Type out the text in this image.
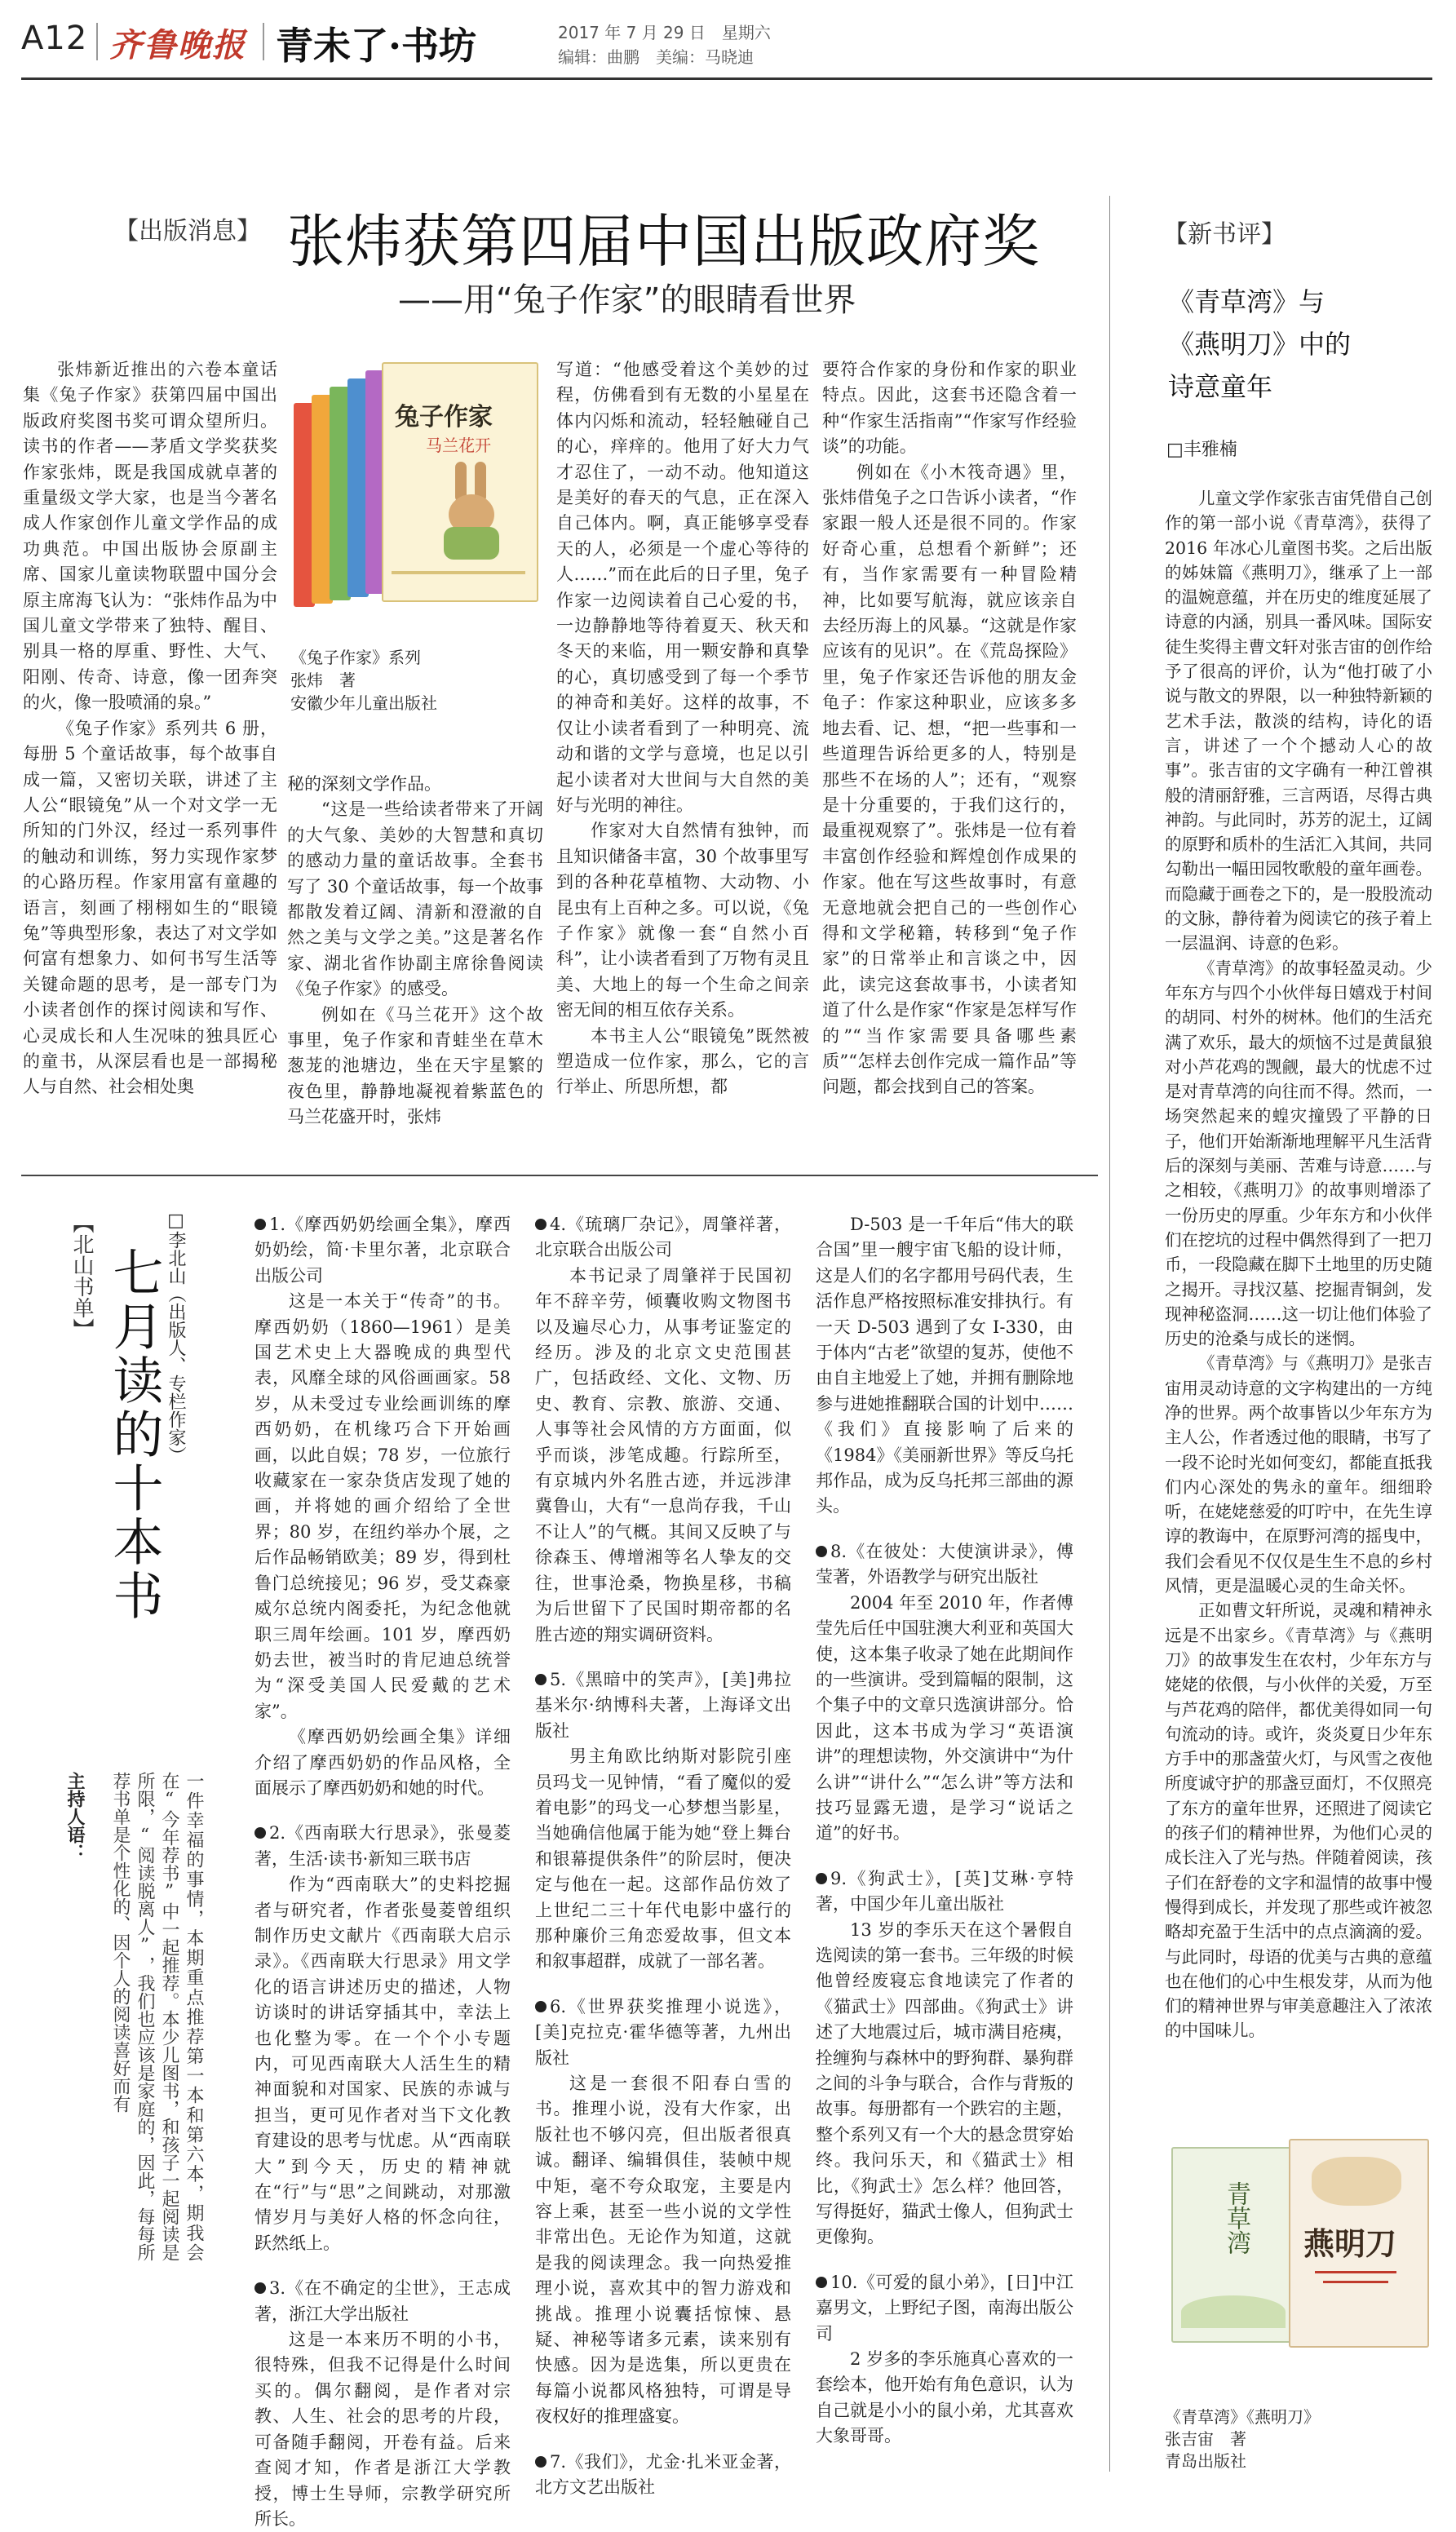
A12 齐鲁晚报 青未了·书坊	2017 年 7 月 29 日　星期六
编辑：曲鹏　美编：马晓迪
【出版消息】 张炜获第四届中国出版政府奖
——用“兔子作家”的眼睛看世界

张炜新近推出的六卷本童话集《兔子作家》获第四届中国出版政府奖图书奖可谓众望所归。读书的作者——茅盾文学奖获奖作家张炜，既是我国成就卓著的重量级文学大家，也是当今著名成人作家创作儿童文学作品的成功典范。中国出版协会原副主席、国家儿童读物联盟中国分会原主席海飞认为：“张炜作品为中国儿童文学带来了独特、醒目、别具一格的厚重、野性、大气、阳刚、传奇、诗意，像一团奔突的火，像一股喷涌的泉。”

《兔子作家》系列共 6 册，每册 5 个童话故事，每个故事自成一篇，又密切关联，讲述了主人公“眼镜兔”从一个对文学一无所知的门外汉，经过一系列事件的触动和训练，努力实现作家梦的心路历程。作家用富有童趣的语言，刻画了栩栩如生的“眼镜兔”等典型形象，表达了对文学如何富有想象力、如何书写生活等关键命题的思考，是一部专门为小读者创作的探讨阅读和写作、心灵成长和人生况味的独具匠心的童书，从深层看也是一部揭秘人与自然、社会相处奥

兔子作家
马兰花开
《兔子作家》系列
张炜　著
安徽少年儿童出版社

秘的深刻文学作品。

“这是一些给读者带来了开阔的大气象、美妙的大智慧和真切的感动力量的童话故事。全套书写了 30 个童话故事，每一个故事都散发着辽阔、清新和澄澈的自然之美与文学之美。”这是著名作家、湖北省作协副主席徐鲁阅读《兔子作家》的感受。

例如在《马兰花开》这个故事里，兔子作家和青蛙坐在草木葱茏的池塘边，坐在天宇星繁的夜色里，静静地凝视着紫蓝色的马兰花盛开时，张炜

写道：“他感受着这个美妙的过程，仿佛看到有无数的小星星在体内闪烁和流动，轻轻触碰自己的心，痒痒的。他用了好大力气才忍住了，一动不动。他知道这是美好的春天的气息，正在深入自己体内。啊，真正能够享受春天的人，必须是一个虚心等待的人……”而在此后的日子里，兔子作家一边阅读着自己心爱的书，一边静静地等待着夏天、秋天和冬天的来临，用一颗安静和真挚的心，真切感受到了每一个季节的神奇和美好。这样的故事，不仅让小读者看到了一种明亮、流动和谐的文学与意境，也足以引起小读者对大世间与大自然的美好与光明的神往。

作家对大自然情有独钟，而且知识储备丰富，30 个故事里写到的各种花草植物、大动物、小昆虫有上百种之多。可以说，《兔子作家》就像一套“自然小百科”，让小读者看到了万物有灵且美、大地上的每一个生命之间亲密无间的相互依存关系。

本书主人公“眼镜兔”既然被塑造成一位作家，那么，它的言行举止、所思所想，都

要符合作家的身份和作家的职业特点。因此，这套书还隐含着一种“作家生活指南”“作家写作经验谈”的功能。

例如在《小木筏奇遇》里，张炜借兔子之口告诉小读者，“作家跟一般人还是很不同的。作家好奇心重，总想看个新鲜”；还有，当作家需要有一种冒险精神，比如要写航海，就应该亲自去经历海上的风暴。“这就是作家应该有的见识”。在《荒岛探险》里，兔子作家还告诉他的朋友金龟子：作家这种职业，应该多多地去看、记、想，“把一些事和一些道理告诉给更多的人，特别是那些不在场的人”；还有，“观察是十分重要的，于我们这行的，最重视观察了”。张炜是一位有着丰富创作经验和辉煌创作成果的作家。他在写这些故事时，有意无意地就会把自己的一些创作心得和文学秘籍，转移到“兔子作家”的日常举止和言谈之中，因此，读完这套故事书，小读者知道了什么是作家“作家是怎样写作的”“当作家需要具备哪些素质”“怎样去创作完成一篇作品”等问题，都会找到自己的答案。

【新书评】
《青草湾》与
《燕明刀》中的
诗意童年
□丰雅楠

儿童文学作家张吉宙凭借自己创作的第一部小说《青草湾》，获得了 2016 年冰心儿童图书奖。之后出版的姊妹篇《燕明刀》，继承了上一部的温婉意蕴，并在历史的维度延展了诗意的内涵，别具一番风味。国际安徒生奖得主曹文轩对张吉宙的创作给予了很高的评价，认为“他打破了小说与散文的界限，以一种独特新颖的艺术手法，散淡的结构，诗化的语言，讲述了一个个撼动人心的故事”。张吉宙的文字确有一种江曾祺般的清丽舒雅，三言两语，尽得古典神韵。与此同时，苏芳的泥土，辽阔的原野和质朴的生活汇入其间，共同勾勒出一幅田园牧歌般的童年画卷。而隐藏于画卷之下的，是一股股流动的文脉，静待着为阅读它的孩子着上一层温润、诗意的色彩。

《青草湾》的故事轻盈灵动。少年东方与四个小伙伴每日嬉戏于村间的胡同、村外的树林。他们的生活充满了欢乐，最大的烦恼不过是黄鼠狼对小芦花鸡的觊觎，最大的忧虑不过是对青草湾的向往而不得。然而，一场突然起来的蝗灾撞毁了平静的日子，他们开始渐渐地理解平凡生活背后的深刻与美丽、苦难与诗意……与之相较，《燕明刀》的故事则增添了一份历史的厚重。少年东方和小伙伴们在挖坑的过程中偶然得到了一把刀币，一段隐藏在脚下土地里的历史随之揭开。寻找汉墓、挖掘青铜剑，发现神秘盗洞……这一切让他们体验了历史的沧桑与成长的迷惘。

《青草湾》与《燕明刀》是张吉宙用灵动诗意的文字构建出的一方纯净的世界。两个故事皆以少年东方为主人公，作者透过他的眼睛，书写了一段不论时光如何变幻，都能直抵我们内心深处的隽永的童年。细细聆听，在姥姥慈爱的叮咛中，在先生谆谆的教诲中，在原野河湾的摇曳中，我们会看见不仅仅是生生不息的乡村风情，更是温暖心灵的生命关怀。

正如曹文轩所说，灵魂和精神永远是不出家乡。《青草湾》与《燕明刀》的故事发生在农村，少年东方与姥姥的依偎，与小伙伴的关爱，万至与芦花鸡的陪伴，都优美得如同一句句流动的诗。或许，炎炎夏日少年东方手中的那盏萤火灯，与风雪之夜他所度诚守护的那盏豆面灯，不仅照亮了东方的童年世界，还照进了阅读它的孩子们的精神世界，为他们心灵的成长注入了光与热。伴随着阅读，孩子们在舒卷的文字和温情的故事中慢慢得到成长，并发现了那些或许被忽略却充盈于生活中的点点滴滴的爱。与此同时，母语的优美与古典的意蕴也在他们的心中生根发芽，从而为他们的精神世界与审美意趣注入了浓浓的中国味儿。

青草湾 燕明刀
《青草湾》《燕明刀》
张吉宙　著
青岛出版社
【北山书单】 七月读的十本书 □李北山（出版人、专栏作家）
主持人语：	一件幸福的事情，本期重点推荐第一本和第六本，期我会在“今年荐书”中一起推荐。本少儿图书，和孩子一起阅读是所限，“阅读脱离人”，我们也应该是家庭的，因此，每每所荐书单是个性化的、因个人的阅读喜好而有

1.《摩西奶奶绘画全集》，摩西奶奶绘，简·卡里尔著，北京联合出版公司

这是一本关于“传奇”的书。摩西奶奶（1860—1961）是美国艺术史上大器晚成的典型代表，风靡全球的风俗画画家。58 岁，从未受过专业绘画训练的摩西奶奶，在机缘巧合下开始画画，以此自娱；78 岁，一位旅行收藏家在一家杂货店发现了她的画，并将她的画介绍给了全世界；80 岁，在纽约举办个展，之后作品畅销欧美；89 岁，得到杜鲁门总统接见；96 岁，受艾森豪威尔总统内阁委托，为纪念他就职三周年绘画。101 岁，摩西奶奶去世，被当时的肯尼迪总统誉为“深受美国人民爱戴的艺术家”。

《摩西奶奶绘画全集》详细介绍了摩西奶奶的作品风格，全面展示了摩西奶奶和她的时代。

2.《西南联大行思录》，张曼菱著，生活·读书·新知三联书店

作为“西南联大”的史料挖掘者与研究者，作者张曼菱曾组织制作历史文献片《西南联大启示录》。《西南联大行思录》用文学化的语言讲述历史的描述，人物访谈时的讲话穿插其中，幸法上也化整为零。在一个个小专题内，可见西南联大人活生生的精神面貌和对国家、民族的赤诚与担当，更可见作者对当下文化教育建设的思考与忧虑。从“西南联大”到今天，历史的精神就在“行”与“思”之间跳动，对那激情岁月与美好人格的怀念向往，跃然纸上。

3.《在不确定的尘世》，王志成著，浙江大学出版社

这是一本来历不明的小书，很特殊，但我不记得是什么时间买的。偶尔翻阅，是作者对宗教、人生、社会的思考的片段，可备随手翻阅，开卷有益。后来查阅才知，作者是浙江大学教授，博士生导师，宗教学研究所所长。

4.《琉璃厂杂记》，周肇祥著，北京联合出版公司

本书记录了周肇祥于民国初年不辞辛劳，倾囊收购文物图书以及遍尽心力，从事考证鉴定的经历。涉及的北京文史范围甚广，包括政经、文化、文物、历史、教育、宗教、旅游、交通、人事等社会风情的方方面面，似乎而谈，涉笔成趣。行踪所至，有京城内外名胜古迹，并远涉津冀鲁山，大有“一息尚存我，千山不让人”的气概。其间又反映了与徐森玉、傅增湘等名人挚友的交往，世事沧桑，物换星移，书稿为后世留下了民国时期帝都的名胜古迹的翔实调研资料。

5.《黑暗中的笑声》，[美]弗拉基米尔·纳博科夫著，上海译文出版社

男主角欧比纳斯对影院引座员玛戈一见钟情，“看了魔似的爱着电影”的玛戈一心梦想当影星，当她确信他属于能为她“登上舞台和银幕提供条件”的阶层时，便决定与他在一起。这部作品仿效了上世纪二三十年代电影中盛行的那种廉价三角恋爱故事，但文本和叙事超群，成就了一部名著。

6.《世界获奖推理小说选》，[美]克拉克·霍华德等著，九州出版社

这是一套很不阳春白雪的书。推理小说，没有大作家，出版社也不够闪亮，但出版者很真诚。翻译、编辑俱佳，装帧中规中矩，毫不夸众取宠，主要是内容上乘，甚至一些小说的文学性非常出色。无论作为知道，这就是我的阅读理念。我一向热爱推理小说，喜欢其中的智力游戏和挑战。推理小说囊括惊悚、悬疑、神秘等诸多元素，读来别有快感。因为是选集，所以更贵在每篇小说都风格独特，可谓是导夜权好的推理盛宴。

7.《我们》，尤金·扎米亚金著，北方文艺出版社

D-503 是一千年后“伟大的联合国”里一艘宇宙飞船的设计师，这是人们的名字都用号码代表，生活作息严格按照标准安排执行。有一天 D-503 遇到了女 I-330，由于体内“古老”欲望的复苏，使他不由自主地爱上了她，并拥有删除地参与进她推翻联合国的计划中……《我们》直接影响了后来的《1984》《美丽新世界》等反乌托邦作品，成为反乌托邦三部曲的源头。

8.《在彼处：大使演讲录》，傅莹著，外语教学与研究出版社

2004 年至 2010 年，作者傅莹先后任中国驻澳大利亚和英国大使，这本集子收录了她在此期间作的一些演讲。受到篇幅的限制，这个集子中的文章只选演讲部分。恰因此，这本书成为学习“英语演讲”的理想读物，外交演讲中“为什么讲”“讲什么”“怎么讲”等方法和技巧显露无遗，是学习“说话之道”的好书。

9.《狗武士》，[英]艾琳·亨特著，中国少年儿童出版社

13 岁的李乐天在这个暑假自选阅读的第一套书。三年级的时候他曾经废寝忘食地读完了作者的《猫武士》四部曲。《狗武士》讲述了大地震过后，城市满目疮痍，拴缠狗与森林中的野狗群、暴狗群之间的斗争与联合，合作与背叛的故事。每册都有一个跌宕的主题，整个系列又有一个大的悬念贯穿始终。我问乐天，和《猫武士》相比，《狗武士》怎么样？他回答，写得挺好，猫武士像人，但狗武士更像狗。

10.《可爱的鼠小弟》，[日]中江嘉男文，上野纪子图，南海出版公司

2 岁多的李乐施真心喜欢的一套绘本，他开始有角色意识，认为自己就是小小的鼠小弟，尤其喜欢大象哥哥。
